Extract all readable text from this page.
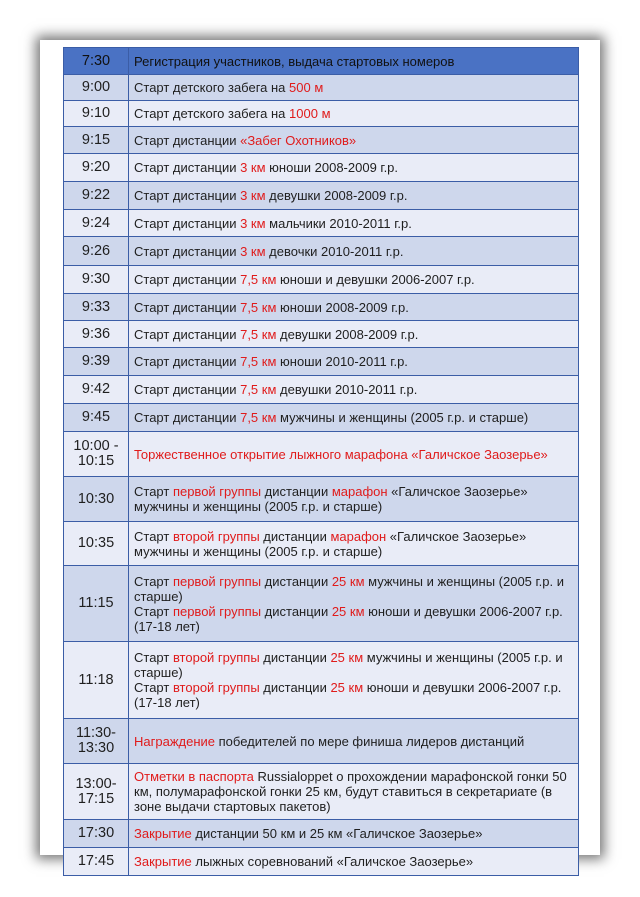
7:30	Регистрация участников, выдача стартовых номеров
9:00	Старт детского забега на 500 м
9:10	Старт детского забега на 1000 м
9:15	Старт дистанции «Забег Охотников»
9:20	Старт дистанции 3 км юноши 2008-2009 г.р.
9:22	Старт дистанции 3 км девушки 2008-2009 г.р.
9:24	Старт дистанции 3 км мальчики 2010-2011 г.р.
9:26	Старт дистанции 3 км девочки 2010-2011 г.р.
9:30	Старт дистанции 7,5 км юноши и девушки 2006-2007 г.р.
9:33	Старт дистанции 7,5 км юноши 2008-2009 г.р.
9:36	Старт дистанции 7,5 км девушки 2008-2009 г.р.
9:39	Старт дистанции 7,5 км юноши 2010-2011 г.р.
9:42	Старт дистанции 7,5 км девушки 2010-2011 г.р.
9:45	Старт дистанции 7,5 км мужчины и женщины (2005 г.р. и старше)
10:00 - 10:15	Торжественное открытие лыжного марафона «Галичское Заозерье»
10:30	Старт первой группы дистанции марафон «Галичское Заозерье» мужчины и женщины (2005 г.р. и старше)
10:35	Старт второй группы дистанции марафон «Галичское Заозерье» мужчины и женщины (2005 г.р. и старше)
11:15	Старт первой группы дистанции 25 км мужчины и женщины (2005 г.р. и старше)
Старт первой группы дистанции 25 км юноши и девушки 2006-2007 г.р. (17-18 лет)
11:18	Старт второй группы дистанции 25 км мужчины и женщины (2005 г.р. и старше)
Старт второй группы дистанции 25 км юноши и девушки 2006-2007 г.р. (17-18 лет)
11:30-13:30	Награждение победителей по мере финиша лидеров дистанций
13:00-17:15	Отметки в паспорта Russialoppet о прохождении марафонской гонки 50 км, полумарафонской гонки 25 км, будут ставиться в секретариате (в зоне выдачи стартовых пакетов)
17:30	Закрытие дистанции 50 км и 25 км «Галичское Заозерье»
17:45	Закрытие лыжных соревнований «Галичское Заозерье»
